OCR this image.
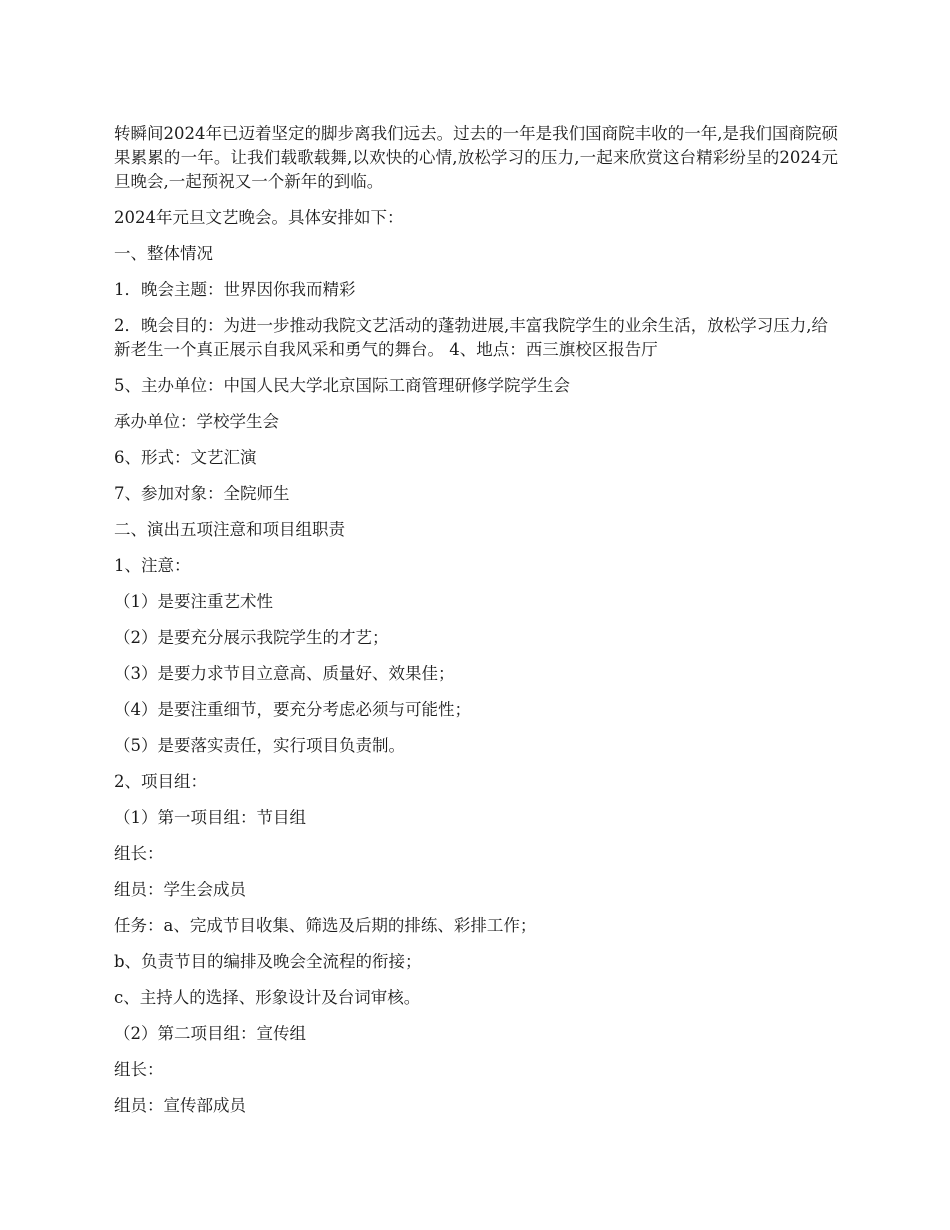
转瞬间2024年已迈着坚定的脚步离我们远去。过去的一年是我们国商院丰收的一年,是我们国商院硕果累累的一年。让我们载歌载舞,以欢快的心情,放松学习的压力,一起来欣赏这台精彩纷呈的2024元旦晚会,一起预祝又一个新年的到临。

2024年元旦文艺晚会。具体安排如下：

一、整体情况

1．晚会主题：世界因你我而精彩

2．晚会目的：为进一步推动我院文艺活动的蓬勃进展,丰富我院学生的业余生活，放松学习压力,给新老生一个真正展示自我风采和勇气的舞台。 4、地点：西三旗校区报告厅

5、主办单位：中国人民大学北京国际工商管理研修学院学生会

承办单位：学校学生会

6、形式：文艺汇演

7、参加对象：全院师生

二、演出五项注意和项目组职责

1、注意：

（1）是要注重艺术性

（2）是要充分展示我院学生的才艺；

（3）是要力求节目立意高、质量好、效果佳；

（4）是要注重细节，要充分考虑必须与可能性；

（5）是要落实责任，实行项目负责制。

2、项目组：

（1）第一项目组：节目组

组长：

组员：学生会成员

任务：a、完成节目收集、筛选及后期的排练、彩排工作；

b、负责节目的编排及晚会全流程的衔接；

c、主持人的选择、形象设计及台词审核。

（2）第二项目组：宣传组

组长：

组员：宣传部成员
